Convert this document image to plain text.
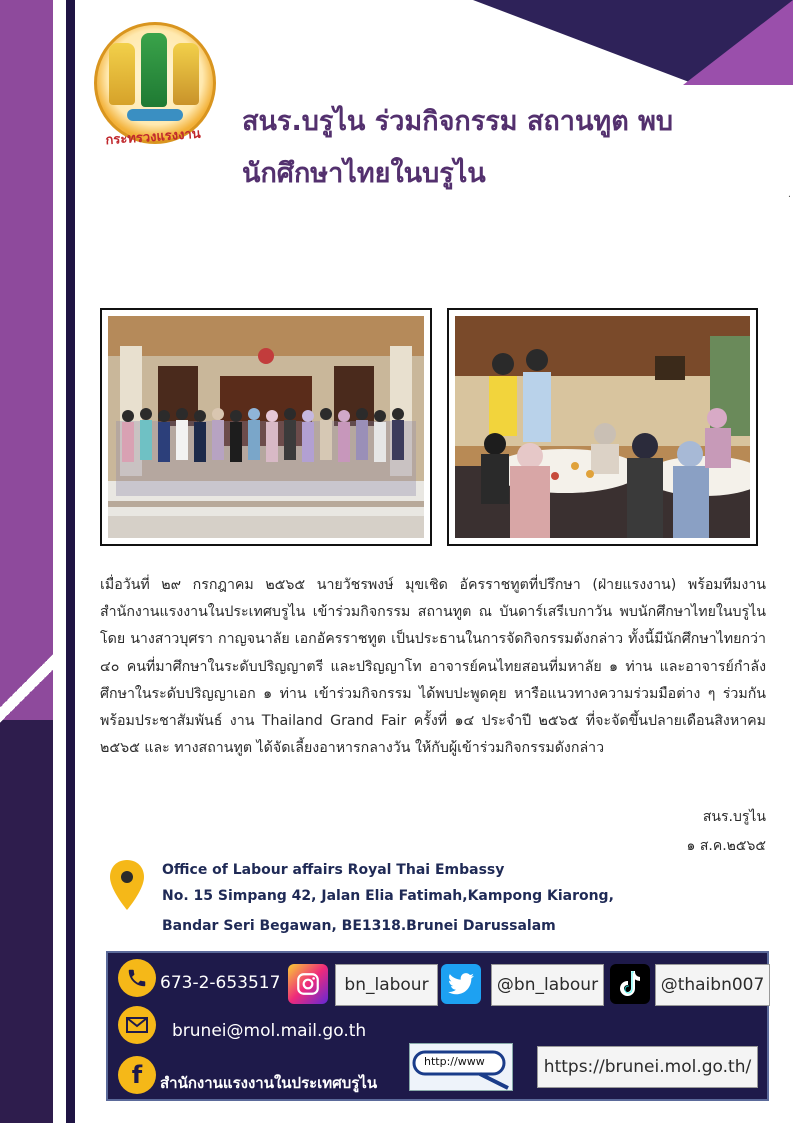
·
กระทรวงแรงงาน
สนร.บรูไน ร่วมกิจกรรม สถานทูต พบ
นักศึกษาไทยในบรูไน
เมื่อวันที่ ๒๙ กรกฎาคม ๒๕๖๕ นายวัชรพงษ์ มุขเชิด อัครราชทูตที่ปรึกษา (ฝ่ายแรงงาน) พร้อมทีมงานสำนักงานแรงงานในประเทศบรูไน เข้าร่วมกิจกรรม สถานทูต ณ บันดาร์เสรีเบกาวัน พบนักศึกษาไทยในบรูไน โดย นางสาวบุศรา กาญจนาลัย เอกอัครราชทูต เป็นประธานในการจัดกิจกรรมดังกล่าว ทั้งนี้มีนักศึกษาไทยกว่า ๔๐ คนที่มาศึกษาในระดับปริญญาตรี และปริญญาโท อาจารย์คนไทยสอนที่มหาลัย ๑ ท่าน และอาจารย์กำลังศึกษาในระดับปริญญาเอก ๑ ท่าน เข้าร่วมกิจกรรม ได้พบปะพูดคุย หารือแนวทางความร่วมมือต่าง ๆ ร่วมกัน พร้อมประชาสัมพันธ์ งาน Thailand Grand Fair ครั้งที่ ๑๔ ประจำปี ๒๕๖๕ ที่จะจัดขึ้นปลายเดือนสิงหาคม ๒๕๖๕ และ ทางสถานทูต ได้จัดเลี้ยงอาหารกลางวัน ให้กับผู้เข้าร่วมกิจกรรมดังกล่าว
สนร.บรูไน
๑ ส.ค.๒๕๖๕
Office of Labour affairs Royal Thai Embassy
No. 15 Simpang 42, Jalan Elia Fatimah,Kampong Kiarong,
Bandar Seri Begawan, BE1318.Brunei Darussalam
673-2-653517	bn_labour	@bn_labour	@thaibn007
brunei@mol.mail.go.th
f สำนักงานแรงงานในประเทศบรูไน
http://www	https://brunei.mol.go.th/
